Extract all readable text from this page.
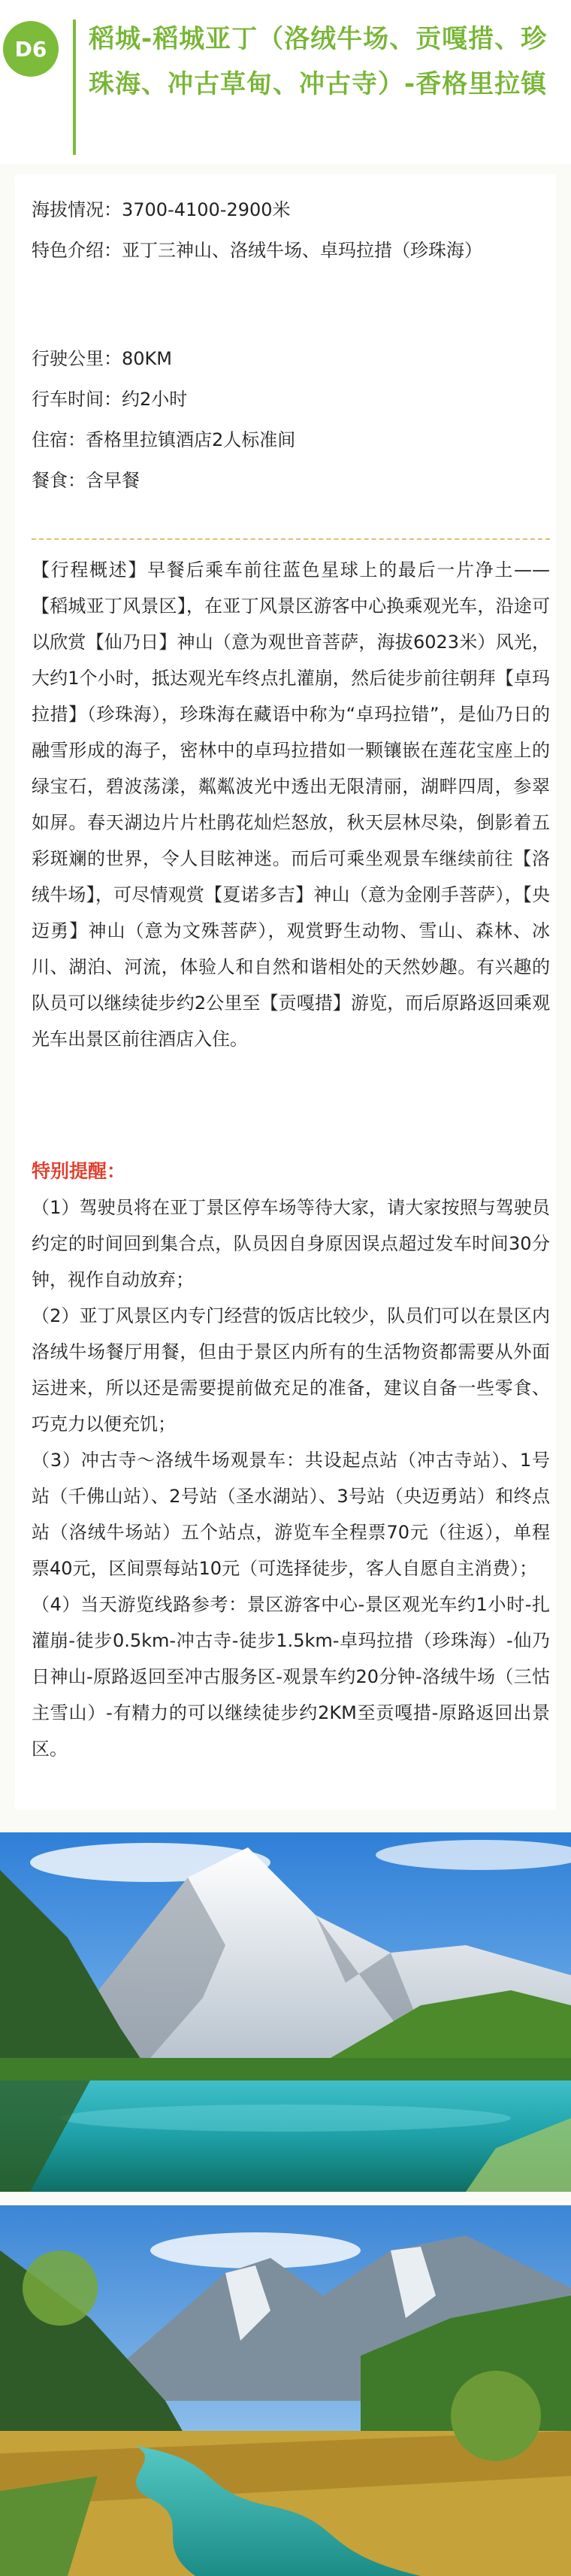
D6	稻城-稻城亚丁（洛绒牛场、贡嘎措、珍珠海、冲古草甸、冲古寺）-香格里拉镇
海拔情况：3700-4100-2900米
特色介绍：亚丁三神山、洛绒牛场、卓玛拉措（珍珠海）
行驶公里：80KM
行车时间：约2小时
住宿：香格里拉镇酒店2人标准间
餐食：含早餐
【行程概述】早餐后乘车前往蓝色星球上的最后一片净土——【稻城亚丁风景区】，在亚丁风景区游客中心换乘观光车，沿途可以欣赏【仙乃日】神山（意为观世音菩萨，海拔6023米）风光，大约1个小时，抵达观光车终点扎灌崩，然后徒步前往朝拜【卓玛拉措】（珍珠海），珍珠海在藏语中称为“卓玛拉错”，是仙乃日的融雪形成的海子，密林中的卓玛拉措如一颗镶嵌在莲花宝座上的绿宝石，碧波荡漾，粼粼波光中透出无限清丽，湖畔四周，参翠如屏。春天湖边片片杜鹃花灿烂怒放，秋天层林尽染，倒影着五彩斑斓的世界，令人目眩神迷。而后可乘坐观景车继续前往【洛绒牛场】，可尽情观赏【夏诺多吉】神山（意为金刚手菩萨），【央迈勇】神山（意为文殊菩萨），观赏野生动物、雪山、森林、冰川、湖泊、河流，体验人和自然和谐相处的天然妙趣。有兴趣的队员可以继续徒步约2公里至【贡嘎措】游览，而后原路返回乘观光车出景区前往酒店入住。
特别提醒：

（1）驾驶员将在亚丁景区停车场等待大家，请大家按照与驾驶员约定的时间回到集合点，队员因自身原因误点超过发车时间30分钟，视作自动放弃；

（2）亚丁风景区内专门经营的饭店比较少，队员们可以在景区内洛绒牛场餐厅用餐，但由于景区内所有的生活物资都需要从外面运进来，所以还是需要提前做充足的准备，建议自备一些零食、巧克力以便充饥；

（3）冲古寺～洛绒牛场观景车：共设起点站（冲古寺站）、1号站（千佛山站）、2号站（圣水湖站）、3号站（央迈勇站）和终点站（洛绒牛场站）五个站点，游览车全程票70元（往返），单程票40元，区间票每站10元（可选择徒步，客人自愿自主消费）；

（4）当天游览线路参考：景区游客中心-景区观光车约1小时-扎灌崩-徒步0.5km-冲古寺-徒步1.5km-卓玛拉措（珍珠海）-仙乃日神山-原路返回至冲古服务区-观景车约20分钟-洛绒牛场（三怙主雪山）-有精力的可以继续徒步约2KM至贡嘎措-原路返回出景区。
